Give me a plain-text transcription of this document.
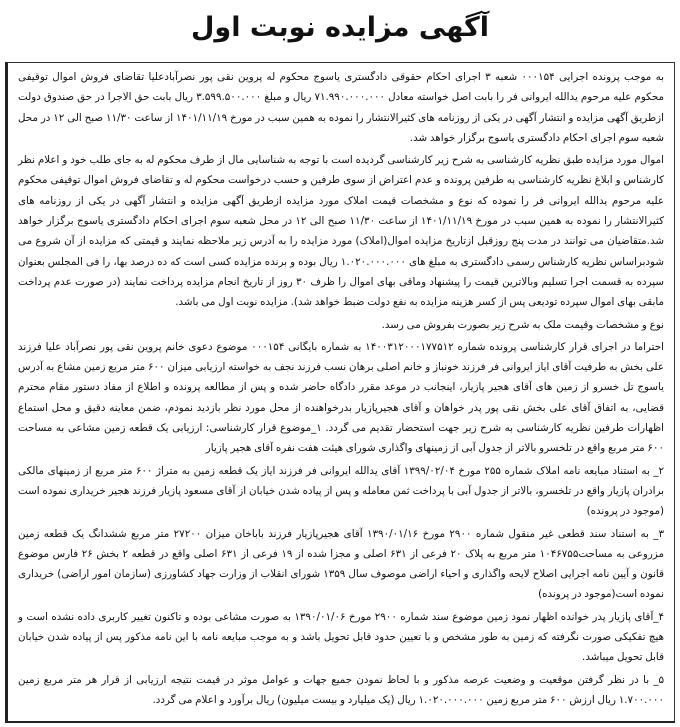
آگهی مزایده نوبت اول

به موجب پرونده اجرایی ۰۰۰۱۵۴ شعبه ۳ اجرای احکام حقوقی دادگستری یاسوج محکوم له پروین نقی پور نصرآبادعلیا تقاضای فروش اموال توقیفی محکوم علیه مرحوم یدالله ایروانی فر را بابت اصل خواسته معادل ۷۱.۹۹۰.۰۰۰.۰۰۰ ریال و مبلغ ۳.۵۹۹.۵۰۰.۰۰۰ ریال بابت حق الاجرا در حق صندوق دولت ازطریق آگهی مزایده و انتشار آگهی در یکی از روزنامه های کثیرالانتشار را نموده به همین سبب در مورخ ۱۴۰۱/۱۱/۱۹ از ساعت ۱۱/۳۰ صبح الی ۱۲ در محل شعبه سوم اجرای احکام دادگستری یاسوج برگزار خواهد شد.

اموال مورد مزایده طبق نظریه کارشناسی به شرح زیر کارشناسی گردیده است با توجه به شناسایی مال از طرف محکوم له به جای طلب خود و اعلام نظر کارشناس و ابلاغ نظریه کارشناسی به طرفین پرونده و عدم اعتراض از سوی طرفین و حسب درخواست محکوم له و تقاضای فروش اموال توقیفی محکوم علیه مرحوم یدالله ایروانی فر را نموده که نوع و مشخصات قیمت املاک مورد مزایده ازطریق آگهی مزایده و انتشار آگهی در یکی از روزنامه های کثیرالانتشار را نموده به همین سبب در مورخ ۱۴۰۱/۱۱/۱۹ از ساعت ۱۱/۳۰ صبح الی ۱۲ در محل شعبه سوم اجرای احکام دادگستری یاسوج برگزار خواهد شد.متقاضیان می توانند در مدت پنج روزقبل ازتاریخ مزایده اموال(املاک) مورد مزایده را به آدرس زیر ملاحظه نمایند و قیمتی که مزایده از آن شروع می شودبراساس نظریه کارشناس رسمی دادگستری به مبلغ های ۱.۰۲۰.۰۰۰.۰۰۰ ریال بوده و برنده مزایده کسی است که ده درصد بها، را فی المجلس بعنوان سپرده به قسمت اجرا تسلیم وبالاترین قیمت را پیشنهاد وماقی بهای اموال را ظرف ۳۰ روز از تاریخ انجام مزایده پرداخت نمایند (در صورت عدم پرداخت مابقی بهای اموال سپرده تودیعی پس از کسر هزینه مزایده به نفع دولت ضبط خواهد شد). مزایده نوبت اول می باشد.

نوع و مشخصات وقیمت ملک به شرح زیر بصورت بفروش می رسد.

احتراما در اجرای قرار کارشناسی پرونده شماره ۱۴۰۰۳۱۲۰۰۰۱۷۷۵۱۲ به شماره بایگانی ۰۰۰۱۵۴ موضوع دعوی خانم پروین نقی پور نصرآباد علیا فرزند علی بخش به طرفیت آقای ایاز ایروانی فر فرزند خونباز و خانم اصلی برهان نسب فرزند نجف به خواسته ارزیابی میزان ۶۰۰ متر مربع زمین مشاع به آدرس یاسوج تل خسرو از زمین های آقای هجیر پازیار، اینجانب در موعد مقرر دادگاه حاضر شده و پس از مطالعه پرونده و اطلاع از مفاد دستور مقام محترم قضایی، به اتفاق آقای علی بخش نقی پور پدر خواهان و آقای هجیرپازیار بدرخواهنده از محل مورد نظر بازدید نمودم، ضمن معاینه دقیق و محل استماع اظهارات طرفین نظریه کارشناسی به شرح زیر جهت استحضار تقدیم می گردد. ۱_موضوع قرار کارشناسی: ارزیابی یک قطعه زمین مشاعی به مساحت ۶۰۰ متر مربع واقع در تلخسرو بالاتر از جدول آبی از زمینهای واگذاری شورای هیئت هفت نفره آقای هجیر پازیار

۲_ به استناد مبایعه نامه املاک شماره ۲۵۵ مورخ ۱۳۹۹/۰۲/۰۴ آقای یدالله ایروانی فر فرزند ایاز یک قطعه زمین به متراژ ۶۰۰ متر مربع از زمینهای مالکی برادران پازیار واقع در تلخسرو، بالاتر از جدول آبی با پرداخت ثمن معامله و پس از پیاده شدن خیابان از آقای مسعود پازیار فرزند هجیر خریداری نموده است (موجود در پرونده)

۳_ به استناد سند قطعی غیر منقول شماره ۲۹۰۰ مورخ ۱۳۹۰/۰۱/۱۶ آقای هجیرپازیار فرزند باباخان میزان ۲۷۲۰۰ متر مربع ششدانگ یک قطعه زمین مزروعی به مساحت۱۰۴۶۷۵۵ متر مربع به پلاک ۲۰ فرعی از ۶۳۱ اصلی و مجزا شده از ۱۹ فرعی از ۶۳۱ اصلی واقع در قطعه ۲ بخش ۲۶ فارس موضوع قانون و آیین نامه اجرایی اصلاح لایحه واگذاری و احیاء اراضی موصوف سال ۱۳۵۹ شورای انقلاب از وزارت جهاد کشاورزی (سازمان امور اراضی) خریداری نموده است(موجود در پرونده)

۴_آقای پازیار پدر خوانده اظهار نمود زمین موضوع سند شماره ۲۹۰۰ مورخ ۱۳۹۰/۰۱/۰۶ به صورت مشاعی بوده و تاکنون تغییر کاربری داده نشده است و هیچ تفکیکی صورت نگرفته که زمین به طور مشخص و با تعیین حدود قابل تحویل باشد و به موجب مبایعه نامه با این نامه مذکور پس از پیاده شدن خیابان قابل تحویل میباشد.

۵_ با در نظر گرفتن موقعیت و وضعیت عرصه مذکور و با لحاظ نمودن جمیع جهات و عوامل موثر در قیمت نتیجه ارزیابی از قرار هر متر مربع زمین ۱.۷۰۰.۰۰۰ ریال ارزش ۶۰۰ متر مربع زمین ۱.۰۲۰.۰۰۰.۰۰۰ ریال (یک میلیارد و بیست میلیون) ریال برآورد و اعلام می گردد.
